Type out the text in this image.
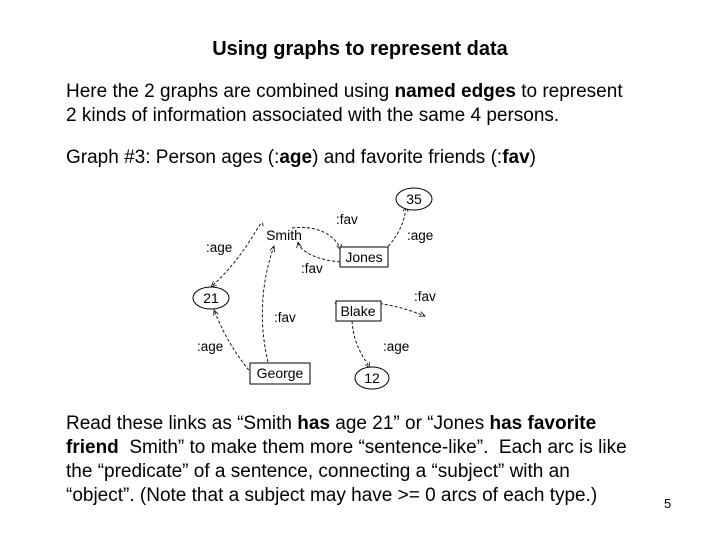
Using graphs to represent data
Here the 2 graphs are combined using named edges to represent
2 kinds of information associated with the same 4 persons.
Graph #3: Person ages (:age) and favorite friends (:fav)
Smith
Jones
Blake
George
35
21
12
:fav
:age
:age
:fav
:fav
:fav
:age	:age
Read these links as “Smith has age 21” or “Jones has favorite
friend  Smith” to make them more “sentence-like”.  Each arc is like
the “predicate” of a sentence, connecting a “subject” with an
“object”. (Note that a subject may have >= 0 arcs of each type.)	5
